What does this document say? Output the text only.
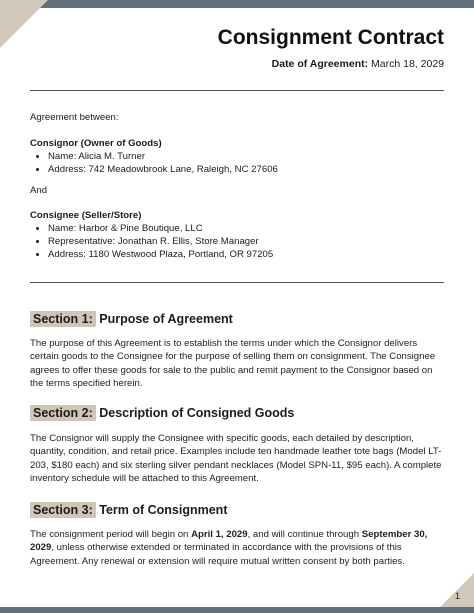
Consignment Contract
Date of Agreement: March 18, 2029
Agreement between:
Consignor (Owner of Goods)
• Name: Alicia M. Turner
• Address: 742 Meadowbrook Lane, Raleigh, NC 27606
And
Consignee (Seller/Store)
• Name: Harbor & Pine Boutique, LLC
• Representative: Jonathan R. Ellis, Store Manager
• Address: 1180 Westwood Plaza, Portland, OR 97205
Section 1: Purpose of Agreement
The purpose of this Agreement is to establish the terms under which the Consignor delivers certain goods to the Consignee for the purpose of selling them on consignment. The Consignee agrees to offer these goods for sale to the public and remit payment to the Consignor based on the terms specified herein.
Section 2: Description of Consigned Goods
The Consignor will supply the Consignee with specific goods, each detailed by description, quantity, condition, and retail price. Examples include ten handmade leather tote bags (Model LT-203, $180 each) and six sterling silver pendant necklaces (Model SPN-11, $95 each). A complete inventory schedule will be attached to this Agreement.
Section 3: Term of Consignment
The consignment period will begin on April 1, 2029, and will continue through September 30, 2029, unless otherwise extended or terminated in accordance with the provisions of this Agreement. Any renewal or extension will require mutual written consent by both parties.
1
